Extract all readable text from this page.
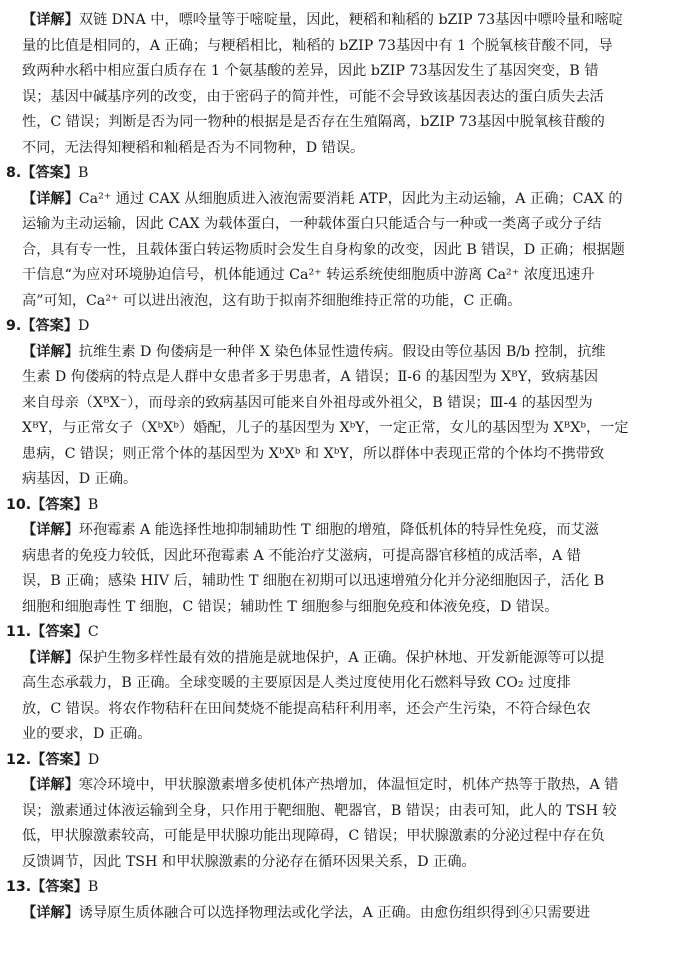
【详解】双链 DNA 中，嘌呤量等于嘧啶量，因此，粳稻和籼稻的 bZIP 73基因中嘌呤量和嘧啶
量的比值是相同的，A 正确；与粳稻相比，籼稻的 bZIP 73基因中有 1 个脱氧核苷酸不同，导
致两种水稻中相应蛋白质存在 1 个氨基酸的差异，因此 bZIP 73基因发生了基因突变，B 错
误；基因中碱基序列的改变，由于密码子的简并性，可能不会导致该基因表达的蛋白质失去活
性，C 错误；判断是否为同一物种的根据是是否存在生殖隔离，bZIP 73基因中脱氧核苷酸的
不同，无法得知粳稻和籼稻是否为不同物种，D 错误。
8.【答案】B
【详解】Ca²⁺ 通过 CAX 从细胞质进入液泡需要消耗 ATP，因此为主动运输，A 正确；CAX 的
运输为主动运输，因此 CAX 为载体蛋白，一种载体蛋白只能适合与一种或一类离子或分子结
合，具有专一性，且载体蛋白转运物质时会发生自身构象的改变，因此 B 错误，D 正确；根据题
干信息“为应对环境胁迫信号，机体能通过 Ca²⁺ 转运系统使细胞质中游离 Ca²⁺ 浓度迅速升
高”可知，Ca²⁺ 可以进出液泡，这有助于拟南芥细胞维持正常的功能，C 正确。
9.【答案】D
【详解】抗维生素 D 佝偻病是一种伴 X 染色体显性遗传病。假设由等位基因 B/b 控制，抗维
生素 D 佝偻病的特点是人群中女患者多于男患者，A 错误；Ⅱ-6 的基因型为 XᴮY，致病基因
来自母亲（XᴮX⁻），而母亲的致病基因可能来自外祖母或外祖父，B 错误；Ⅲ-4 的基因型为
XᴮY，与正常女子（XᵇXᵇ）婚配，儿子的基因型为 XᵇY，一定正常，女儿的基因型为 XᴮXᵇ，一定
患病，C 错误；则正常个体的基因型为 XᵇXᵇ 和 XᵇY，所以群体中表现正常的个体均不携带致
病基因，D 正确。
10.【答案】B
【详解】环孢霉素 A 能选择性地抑制辅助性 T 细胞的增殖，降低机体的特异性免疫，而艾滋
病患者的免疫力较低，因此环孢霉素 A 不能治疗艾滋病，可提高器官移植的成活率，A 错
误，B 正确；感染 HIV 后，辅助性 T 细胞在初期可以迅速增殖分化并分泌细胞因子，活化 B
细胞和细胞毒性 T 细胞，C 错误；辅助性 T 细胞参与细胞免疫和体液免疫，D 错误。
11.【答案】C
【详解】保护生物多样性最有效的措施是就地保护，A 正确。保护林地、开发新能源等可以提
高生态承载力，B 正确。全球变暖的主要原因是人类过度使用化石燃料导致 CO₂ 过度排
放，C 错误。将农作物秸秆在田间焚烧不能提高秸秆利用率，还会产生污染，不符合绿色农
业的要求，D 正确。
12.【答案】D
【详解】寒冷环境中，甲状腺激素增多使机体产热增加，体温恒定时，机体产热等于散热，A 错
误；激素通过体液运输到全身，只作用于靶细胞、靶器官，B 错误；由表可知，此人的 TSH 较
低，甲状腺激素较高，可能是甲状腺功能出现障碍，C 错误；甲状腺激素的分泌过程中存在负
反馈调节，因此 TSH 和甲状腺激素的分泌存在循环因果关系，D 正确。
13.【答案】B
【详解】诱导原生质体融合可以选择物理法或化学法，A 正确。由愈伤组织得到④只需要进
